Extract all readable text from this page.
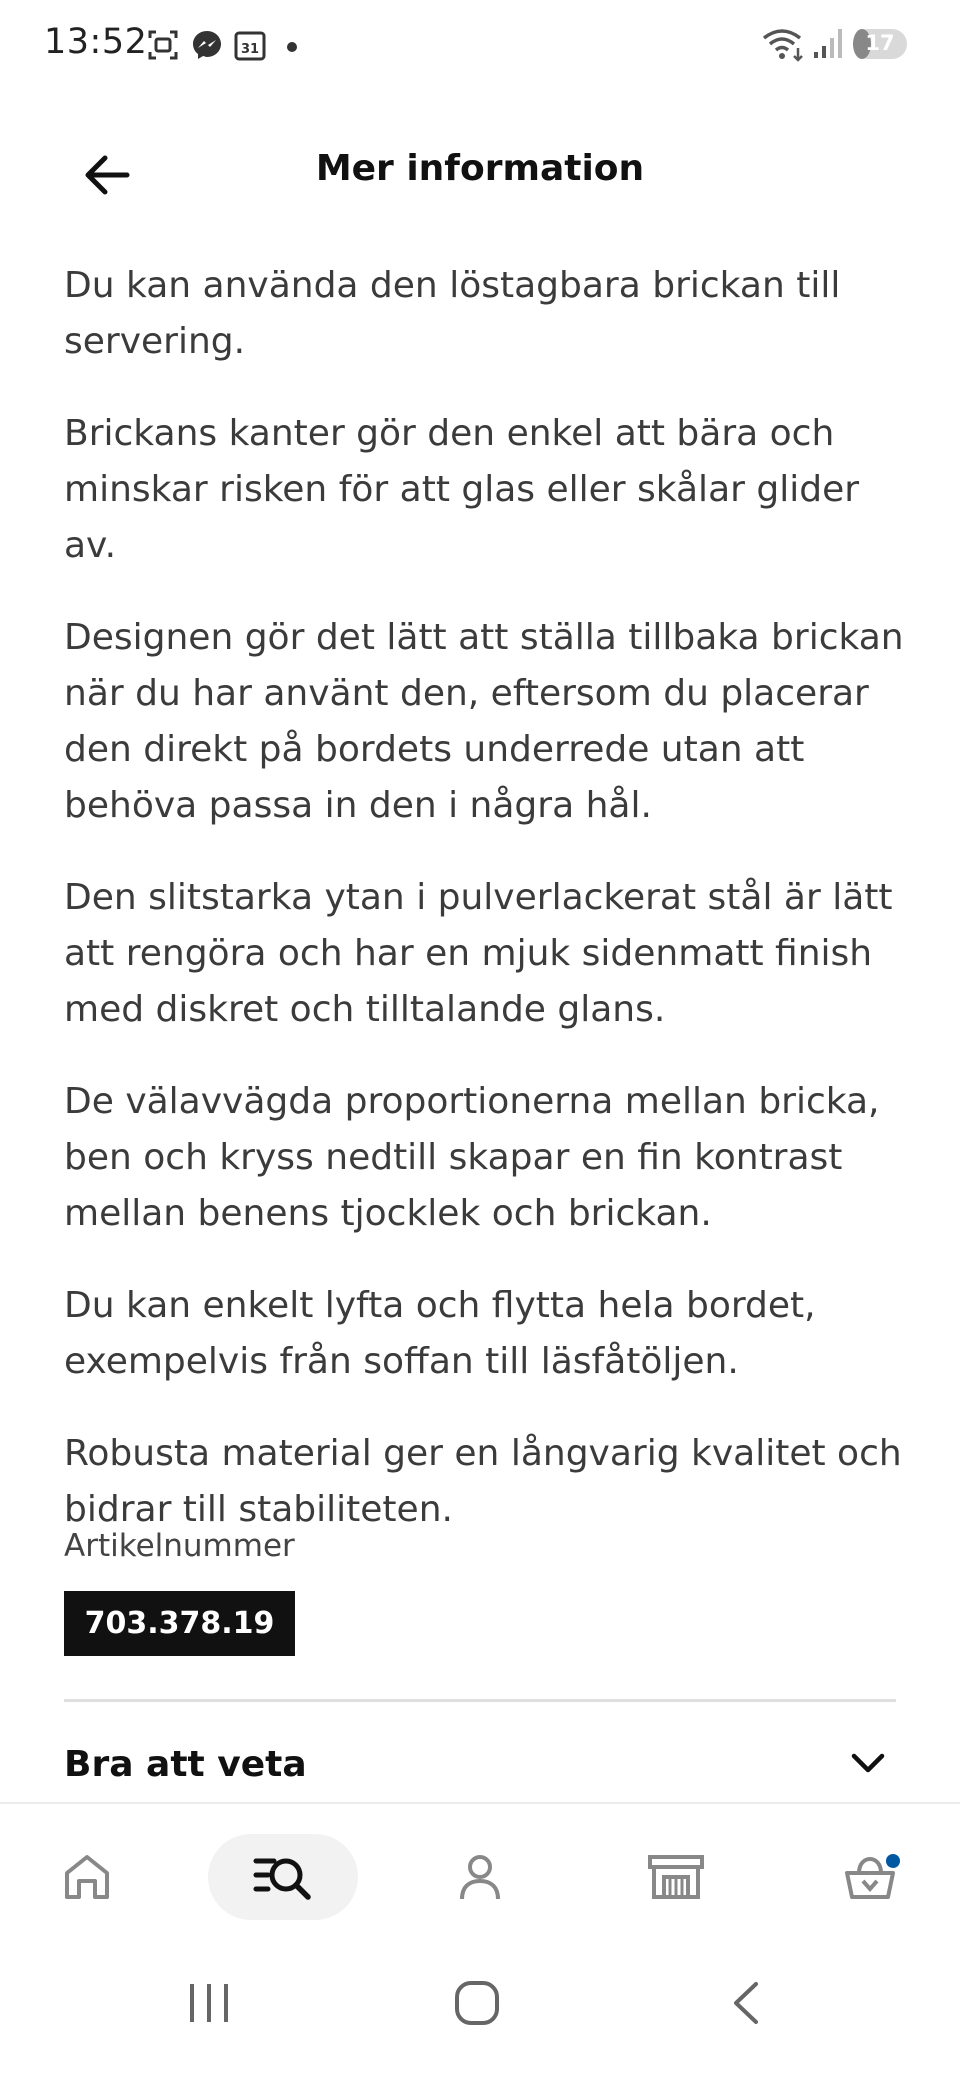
13:52	31	17
Mer information

Du kan använda den löstagbara brickan till servering.

Brickans kanter gör den enkel att bära och minskar risken för att glas eller skålar glider av.

Designen gör det lätt att ställa tillbaka brickan när du har använt den, eftersom du placerar den direkt på bordets underrede utan att behöva passa in den i några hål.

Den slitstarka ytan i pulverlackerat stål är lätt att rengöra och har en mjuk sidenmatt finish med diskret och tilltalande glans.

De välavvägda proportionerna mellan bricka, ben och kryss nedtill skapar en fin kontrast mellan benens tjocklek och brickan.

Du kan enkelt lyfta och flytta hela bordet, exempelvis från soffan till läsfåtöljen.

Robusta material ger en långvarig kvalitet och bidrar till stabiliteten.

Artikelnummer
703.378.19
Bra att veta
